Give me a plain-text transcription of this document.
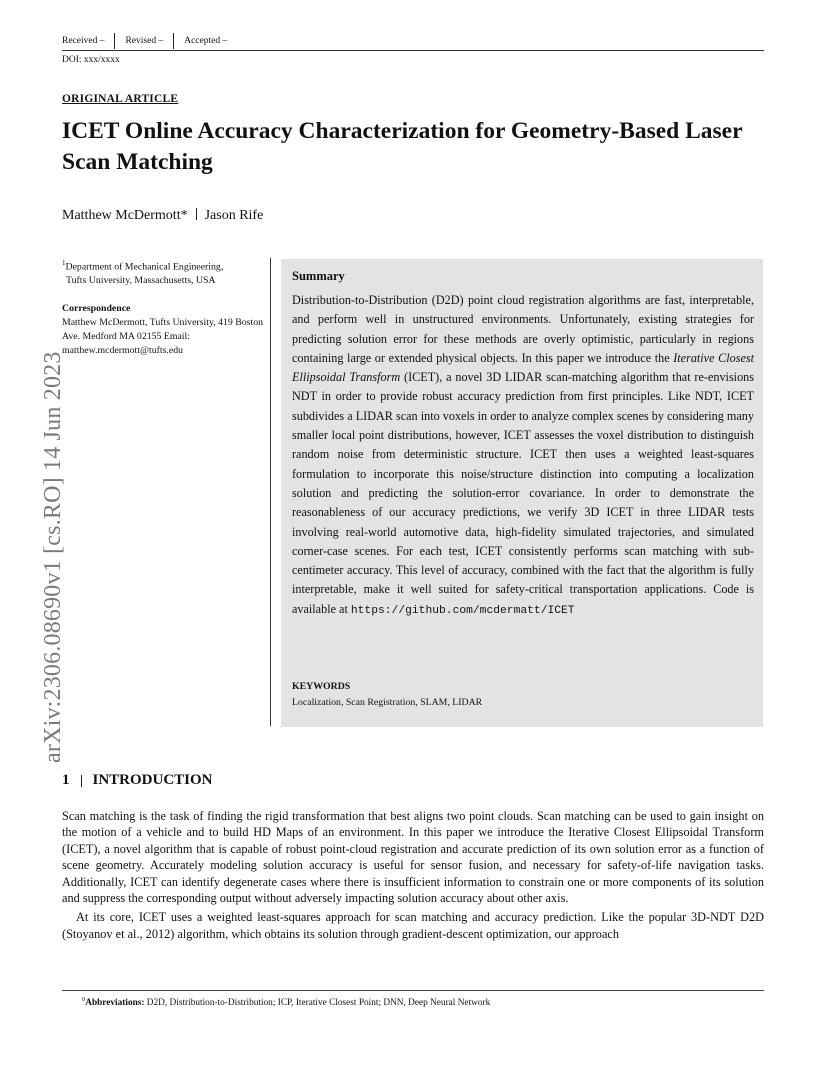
Received –	Revised –	Accepted –
DOI: xxx/xxxx
ORIGINAL ARTICLE
ICET Online Accuracy Characterization for Geometry-Based Laser Scan Matching
Matthew McDermott* Jason Rife

$^1$Department of Mechanical Engineering,

Tufts University, Massachusetts, USA

Correspondence

Matthew McDermott, Tufts University, 419 Boston Ave. Medford MA 02155 Email: matthew.mcdermott@tufts.edu

Summary
Distribution-to-Distribution (D2D) point cloud registration algorithms are fast, interpretable, and perform well in unstructured environments. Unfortunately, existing strategies for predicting solution error for these methods are overly optimistic, particularly in regions containing large or extended physical objects. In this paper we introduce the Iterative Closest Ellipsoidal Transform (ICET), a novel 3D LIDAR scan-matching algorithm that re-envisions NDT in order to provide robust accuracy prediction from first principles. Like NDT, ICET subdivides a LIDAR scan into voxels in order to analyze complex scenes by considering many smaller local point distributions, however, ICET assesses the voxel distribution to distinguish random noise from deterministic structure. ICET then uses a weighted least-squares formulation to incorporate this noise/structure distinction into computing a localization solution and predicting the solution-error covariance. In order to demonstrate the reasonableness of our accuracy predictions, we verify 3D ICET in three LIDAR tests involving real-world automotive data, high-fidelity simulated trajectories, and simulated corner-case scenes. For each test, ICET consistently performs scan matching with sub-centimeter accuracy. This level of accuracy, combined with the fact that the algorithm is fully interpretable, make it well suited for safety-critical transportation applications. Code is available at https://github.com/mcdermatt/ICET
KEYWORDS
Localization, Scan Registration, SLAM, LIDAR
arXiv:2306.08690v1 [cs.RO] 14 Jun 2023
1 INTRODUCTION

Scan matching is the task of finding the rigid transformation that best aligns two point clouds. Scan matching can be used to gain insight on the motion of a vehicle and to build HD Maps of an environment. In this paper we introduce the Iterative Closest Ellipsoidal Transform (ICET), a novel algorithm that is capable of robust point-cloud registration and accurate prediction of its own solution error as a function of scene geometry. Accurately modeling solution accuracy is useful for sensor fusion, and necessary for safety-of-life navigation tasks. Additionally, ICET can identify degenerate cases where there is insufficient information to constrain one or more components of its solution and suppress the corresponding output without adversely impacting solution accuracy about other axis.

At its core, ICET uses a weighted least-squares approach for scan matching and accuracy prediction. Like the popular 3D-NDT D2D (Stoyanov et al., 2012) algorithm, which obtains its solution through gradient-descent optimization, our approach

$^0$Abbreviations: D2D, Distribution-to-Distribution; ICP, Iterative Closest Point; DNN, Deep Neural Network
